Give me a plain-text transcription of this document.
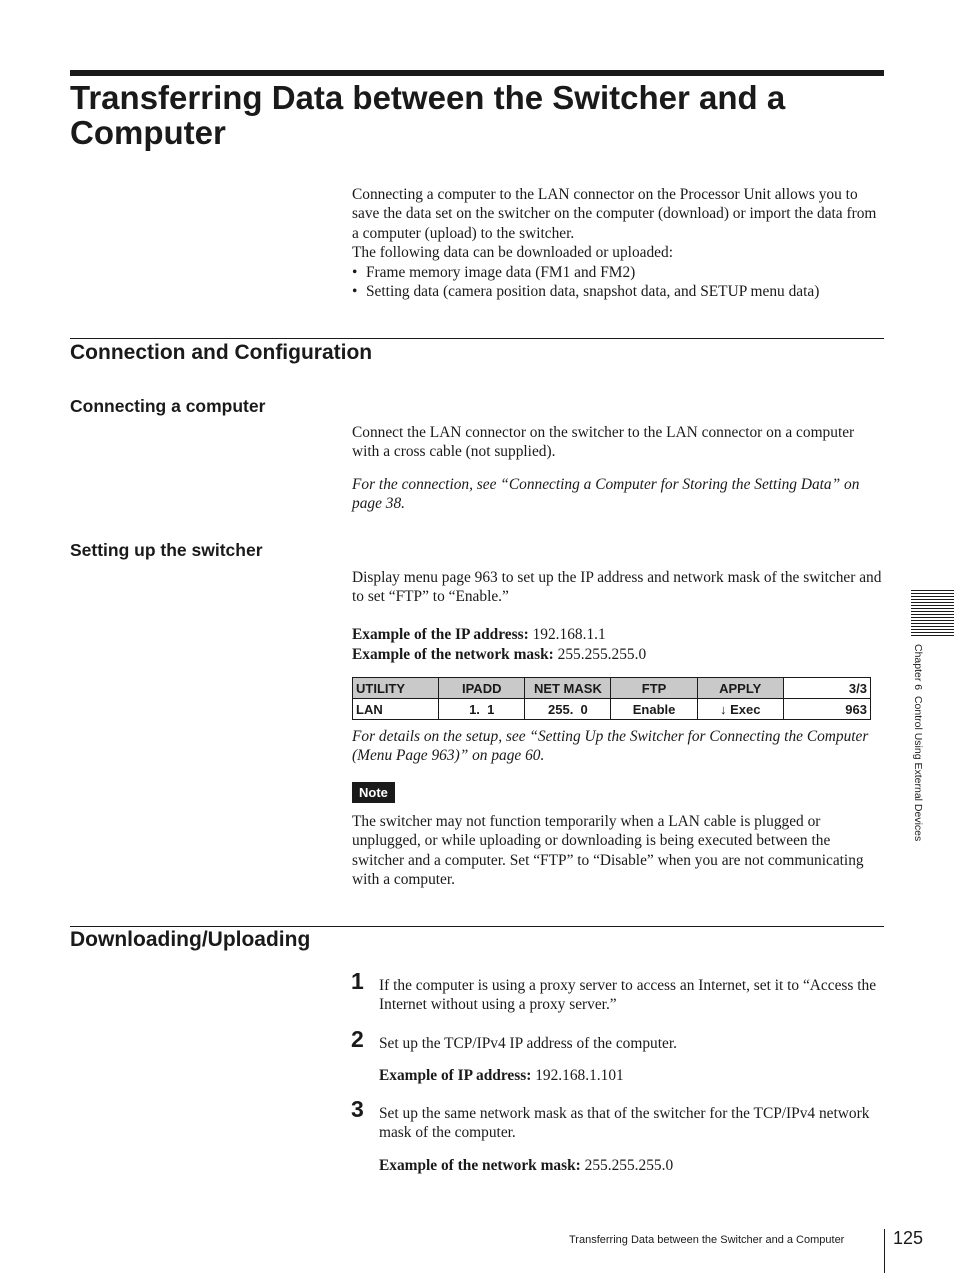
Transferring Data between the Switcher and a Computer
Connecting a computer to the LAN connector on the Processor Unit allows you to save the data set on the switcher on the computer (download) or import the data from a computer (upload) to the switcher.
The following data can be downloaded or uploaded:
• Frame memory image data (FM1 and FM2)
• Setting data (camera position data, snapshot data, and SETUP menu data)
Connection and Configuration
Connecting a computer
Connect the LAN connector on the switcher to the LAN connector on a computer with a cross cable (not supplied).
For the connection, see “Connecting a Computer for Storing the Setting Data” on page 38.
Setting up the switcher
Display menu page 963 to set up the IP address and network mask of the switcher and to set “FTP” to “Enable.”
Example of the IP address: 192.168.1.1
Example of the network mask: 255.255.255.0
UTILITY	IPADD	NET MASK	FTP	APPLY	3/3
LAN	1.  1	255.  0	Enable	↓ Exec	963
For details on the setup, see “Setting Up the Switcher for Connecting the Computer (Menu Page 963)” on page 60.
Note
The switcher may not function temporarily when a LAN cable is plugged or unplugged, or while uploading or downloading is being executed between the switcher and a computer. Set “FTP” to “Disable” when you are not communicating with a computer.
Downloading/Uploading
1 If the computer is using a proxy server to access an Internet, set it to “Access the Internet without using a proxy server.”
2 Set up the TCP/IPv4 IP address of the computer.
Example of IP address: 192.168.1.101
3 Set up the same network mask as that of the switcher for the TCP/IPv4 network mask of the computer.
Example of the network mask: 255.255.255.0
Chapter 6  Control Using External Devices
Transferring Data between the Switcher and a Computer	125
